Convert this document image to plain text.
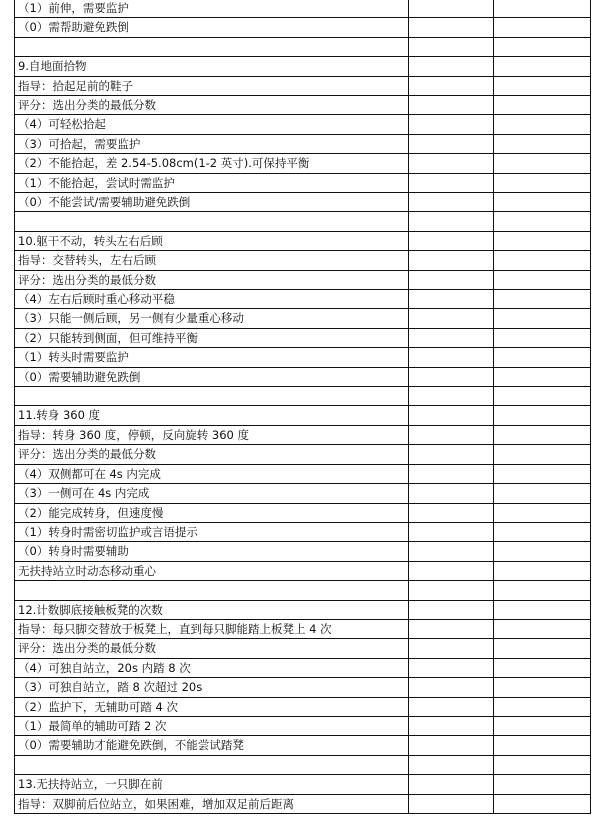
（1）前伸，需要监护		
（0）需帮助避免跌倒		

9.自地面拾物		
指导：拾起足前的鞋子		
评分：选出分类的最低分数		
（4）可轻松拾起		
（3）可拾起，需要监护		
（2）不能拾起，差 2.54-5.08cm(1-2 英寸).可保持平衡		
（1）不能拾起，尝试时需监护		
（0）不能尝试/需要辅助避免跌倒		

10.躯干不动，转头左右后顾		
指导：交替转头，左右后顾		
评分：选出分类的最低分数		
（4）左右后顾时重心移动平稳		
（3）只能一侧后顾，另一侧有少量重心移动		
（2）只能转到侧面，但可维持平衡		
（1）转头时需要监护		
（0）需要辅助避免跌倒		

11.转身 360 度		
指导：转身 360 度，停顿，反向旋转 360 度		
评分：选出分类的最低分数		
（4）双侧都可在 4s 内完成		
（3）一侧可在 4s 内完成		
（2）能完成转身，但速度慢		
（1）转身时需密切监护或言语提示		
（0）转身时需要辅助		
无扶持站立时动态移动重心		

12.计数脚底接触板凳的次数		
指导：每只脚交替放于板凳上，直到每只脚能踏上板凳上 4 次		
评分：选出分类的最低分数		
（4）可独自站立，20s 内踏 8 次		
（3）可独自站立，踏 8 次超过 20s		
（2）监护下，无辅助可踏 4 次		
（1）最简单的辅助可踏 2 次		
（0）需要辅助才能避免跌倒，不能尝试踏凳		

13.无扶持站立，一只脚在前		
指导：双脚前后位站立，如果困难，增加双足前后距离		
